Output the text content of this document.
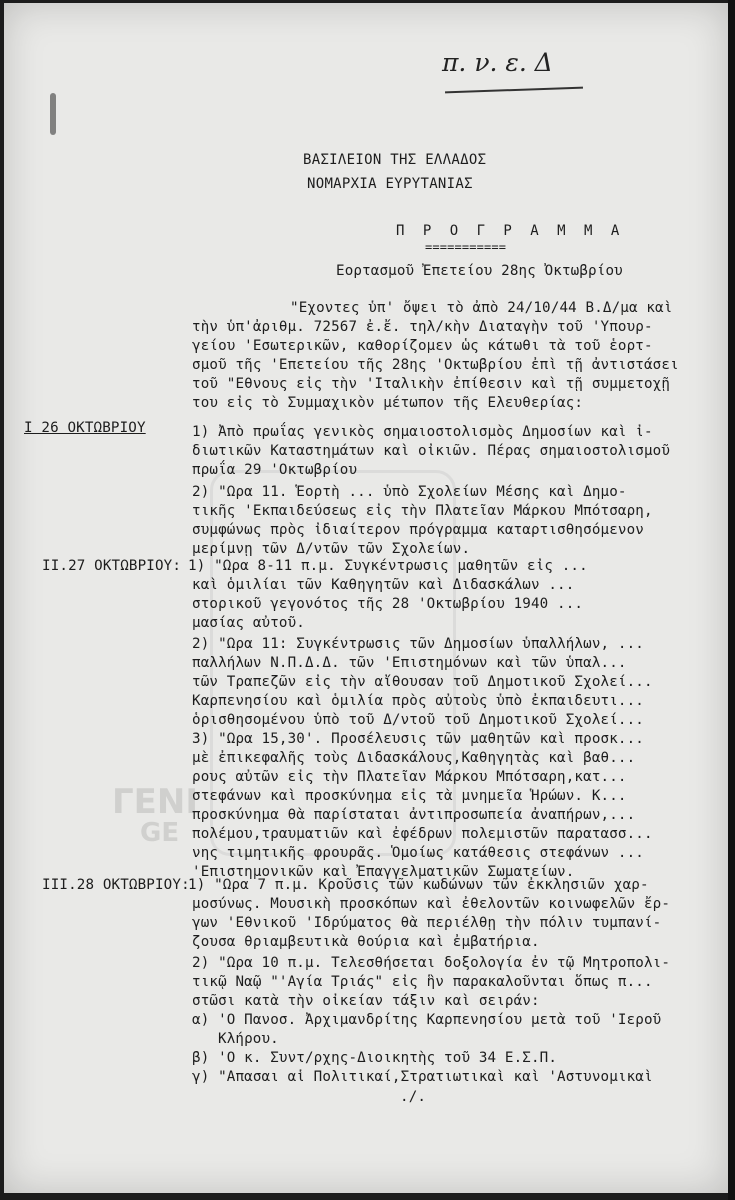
ΓΕΝΙ
GE
π. ν. ε. Δ
ΒΑΣΙΛΕΙΟΝ ΤΗΣ ΕΛΛΑΔΟΣ
ΝΟΜΑΡΧΙΑ ΕΥΡΥΤΑΝΙΑΣ
Π Ρ Ο Γ Ρ Α Μ Μ Α
===========
Εορτασμοῦ Ἐπετείου 28ης Ὀκτωβρίου
"Εχοντες ὑπ' ὄψει τὸ ἀπὸ 24/10/44 Β.Δ/μα καὶ
τὴν ὑπ'ἀριθμ. 72567 ἐ.ἔ. τηλ/κὴν Διαταγὴν τοῦ 'Υπουρ-
γείου 'Εσωτερικῶν, καθορίζομεν ὡς κάτωθι τὰ τοῦ ἑορτ-
σμοῦ τῆς 'Επετείου τῆς 28ης 'Οκτωβρίου ἐπὶ τῇ ἀντιστάσει
τοῦ "Εθνους εἰς τὴν 'Ιταλικὴν ἐπίθεσιν καὶ τῇ συμμετοχῇ
του εἰς τὸ Συμμαχικὸν μέτωπον τῆς Ελευθερίας:
Ι 26 ΟΚΤΩΒΡΙΟΥ	1) Ἀπὸ πρωΐας γενικὸς σημαιοστολισμὸς Δημοσίων καὶ ἰ-
διωτικῶν Καταστημάτων καὶ οἰκιῶν. Πέρας σημαιοστολισμοῦ
πρωΐα 29 'Οκτωβρίου
2) "Ωρα 11. Ἑορτὴ ... ὑπὸ Σχολείων Μέσης καὶ Δημο-
τικῆς 'Εκπαιδεύσεως εἰς τὴν Πλατεῖαν Μάρκου Μπότσαρη,
συμφώνως πρὸς ἰδιαίτερον πρόγραμμα καταρτισθησόμενον
μερίμνῃ τῶν Δ/ντῶν τῶν Σχολείων.
ΙΙ.27 ΟΚΤΩΒΡΙΟΥ: 1) "Ωρα 8-11 π.μ. Συγκέντρωσις μαθητῶν εἰς ...
καὶ ὁμιλίαι τῶν Καθηγητῶν καὶ Διδασκάλων ...
στορικοῦ γεγονότος τῆς 28 'Οκτωβρίου 1940 ...
μασίας αὐτοῦ.
2) "Ωρα 11: Συγκέντρωσις τῶν Δημοσίων ὑπαλλήλων, ...
παλλήλων Ν.Π.Δ.Δ. τῶν 'Επιστημόνων καὶ τῶν ὑπαλ...
τῶν Τραπεζῶν εἰς τὴν αἴθουσαν τοῦ Δημοτικοῦ Σχολεί...
Καρπενησίου καὶ ὁμιλία πρὸς αὐτοὺς ὑπὸ ἐκπαιδευτι...
ὁρισθησομένου ὑπὸ τοῦ Δ/ντοῦ τοῦ Δημοτικοῦ Σχολεί...
3) "Ωρα 15,30'. Προσέλευσις τῶν μαθητῶν καὶ προσκ...
μὲ ἐπικεφαλῆς τοὺς Διδασκάλους,Καθηγητὰς καὶ βαθ...
ρους αὐτῶν εἰς τὴν Πλατεῖαν Μάρκου Μπότσαρη,κατ...
στεφάνων καὶ προσκύνημα εἰς τὰ μνημεῖα Ἡρώων. Κ...
προσκύνημα θὰ παρίσταται ἀντιπροσωπεία ἀναπήρων,...
πολέμου,τραυματιῶν καὶ ἐφέδρων πολεμιστῶν παρατασσ...
νης τιμητικῆς φρουρᾶς. Ὁμοίως κατάθεσις στεφάνων ...
'Επιστημονικῶν καὶ Ἐπαγγελματικῶν Σωματείων.
ΙΙΙ.28 ΟΚΤΩΒΡΙΟΥ:
1) "Ωρα 7 π.μ. Κροῦσις τῶν κωδώνων τῶν ἐκκλησιῶν χαρ-
μοσύνως. Μουσικὴ προσκόπων καὶ ἐθελοντῶν κοινωφελῶν ἔρ-
γων 'Εθνικοῦ 'Ιδρύματος θὰ περιέλθῃ τὴν πόλιν τυμπανί-
ζουσα θριαμβευτικὰ θούρια καὶ ἐμβατήρια.
2) "Ωρα 10 π.μ. Τελεσθήσεται δοξολογία ἐν τῷ Μητροπολι-
τικῷ Ναῷ "'Αγία Τριάς" εἰς ἣν παρακαλοῦνται ὅπως π...
στῶσι κατὰ τὴν οἰκείαν τάξιν καὶ σειράν:
α) 'Ο Πανοσ. Ἀρχιμανδρίτης Καρπενησίου μετὰ τοῦ 'Ιεροῦ
Κλήρου.
β) 'Ο κ. Συντ/ρχης-Διοικητὴς τοῦ 34 Ε.Σ.Π.
γ) "Απασαι αἱ Πολιτικαί,Στρατιωτικαὶ καὶ 'Αστυνομικαὶ
./.
